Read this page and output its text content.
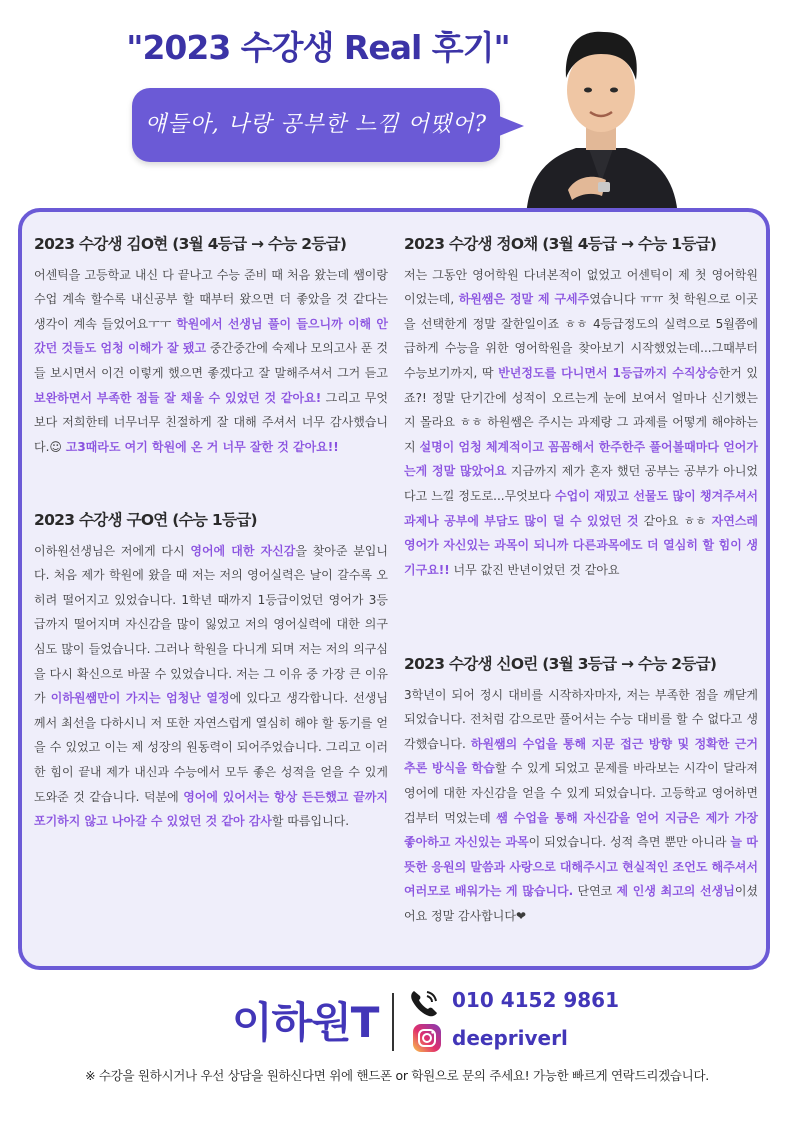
"2023 수강생 Real 후기"
얘들아, 나랑 공부한 느낌 어땠어?
2023 수강생 김O현 (3월 4등급 → 수능 2등급)

어센틱을 고등학교 내신 다 끝나고 수능 준비 때 처음 왔는데 쌤이랑 수업 계속 할수록 내신공부 할 때부터 왔으면 더 좋았을 것 같다는 생각이 계속 들었어요ㅜㅜ 학원에서 선생님 풀이 들으니까 이해 안 갔던 것들도 엄청 이해가 잘 됐고 중간중간에 숙제나 모의고사 푼 것들 보시면서 이건 이렇게 했으면 좋겠다고 잘 말해주셔서 그거 듣고 보완하면서 부족한 점들 잘 채울 수 있었던 것 같아요! 그리고 무엇보다 저희한테 너무너무 친절하게 잘 대해 주셔서 너무 감사했습니다.☺ 고3때라도 여기 학원에 온 거 너무 잘한 것 같아요!!

2023 수강생 구O연 (수능 1등급)

이하원선생님은 저에게 다시 영어에 대한 자신감을 찾아준 분입니다. 처음 제가 학원에 왔을 때 저는 저의 영어실력은 날이 갈수록 오히려 떨어지고 있었습니다. 1학년 때까지 1등급이었던 영어가 3등급까지 떨어지며 자신감을 많이 잃었고 저의 영어실력에 대한 의구심도 많이 들었습니다. 그러나 학원을 다니게 되며 저는 저의 의구심을 다시 확신으로 바꿀 수 있었습니다. 저는 그 이유 중 가장 큰 이유가 이하원쌤만이 가지는 엄청난 열정에 있다고 생각합니다. 선생님께서 최선을 다하시니 저 또한 자연스럽게 열심히 해야 할 동기를 얻을 수 있었고 이는 제 성장의 원동력이 되어주었습니다. 그리고 이러한 힘이 끝내 제가 내신과 수능에서 모두 좋은 성적을 얻을 수 있게 도와준 것 같습니다. 덕분에 영어에 있어서는 항상 든든했고 끝까지 포기하지 않고 나아갈 수 있었던 것 같아 감사할 따름입니다.

2023 수강생 정O채 (3월 4등급 → 수능 1등급)

저는 그동안 영어학원 다녀본적이 없었고 어센틱이 제 첫 영어학원이었는데, 하원쌤은 정말 제 구세주였습니다 ㅠㅠ 첫 학원으로 이곳을 선택한게 정말 잘한일이죠 ㅎㅎ 4등급정도의 실력으로 5월쯤에 급하게 수능을 위한 영어학원을 찾아보기 시작했었는데...그때부터 수능보기까지, 딱 반년정도를 다니면서 1등급까지 수직상승한거 있죠?! 정말 단기간에 성적이 오르는게 눈에 보여서 얼마나 신기했는지 몰라요 ㅎㅎ 하원쌤은 주시는 과제랑 그 과제를 어떻게 해야하는지 설명이 엄청 체계적이고 꼼꼼해서 한주한주 풀어볼때마다 얻어가는게 정말 많았어요 지금까지 제가 혼자 했던 공부는 공부가 아니었다고 느낄 정도로...무엇보다 수업이 재밌고 선물도 많이 챙겨주셔서 과제나 공부에 부담도 많이 덜 수 있었던 것 같아요 ㅎㅎ 자연스레 영어가 자신있는 과목이 되니까 다른과목에도 더 열심히 할 힘이 생기구요!! 너무 값진 반년이었던 것 같아요

2023 수강생 신O린 (3월 3등급 → 수능 2등급)

3학년이 되어 정시 대비를 시작하자마자, 저는 부족한 점을 깨닫게 되었습니다. 전처럼 감으로만 풀어서는 수능 대비를 할 수 없다고 생각했습니다. 하원쌤의 수업을 통해 지문 접근 방향 및 정확한 근거 추론 방식을 학습할 수 있게 되었고 문제를 바라보는 시각이 달라져 영어에 대한 자신감을 얻을 수 있게 되었습니다. 고등학교 영어하면 겁부터 먹었는데 쌤 수업을 통해 자신감을 얻어 지금은 제가 가장 좋아하고 자신있는 과목이 되었습니다. 성적 측면 뿐만 아니라 늘 따뜻한 응원의 말씀과 사랑으로 대해주시고 현실적인 조언도 해주셔서 여러모로 배워가는 게 많습니다. 단연코 제 인생 최고의 선생님이셨어요 정말 감사합니다❤

이하원T	010 4152 9861
deepriverl
※ 수강을 원하시거나 우선 상담을 원하신다면 위에 핸드폰 or 학원으로 문의 주세요! 가능한 빠르게 연락드리겠습니다.
